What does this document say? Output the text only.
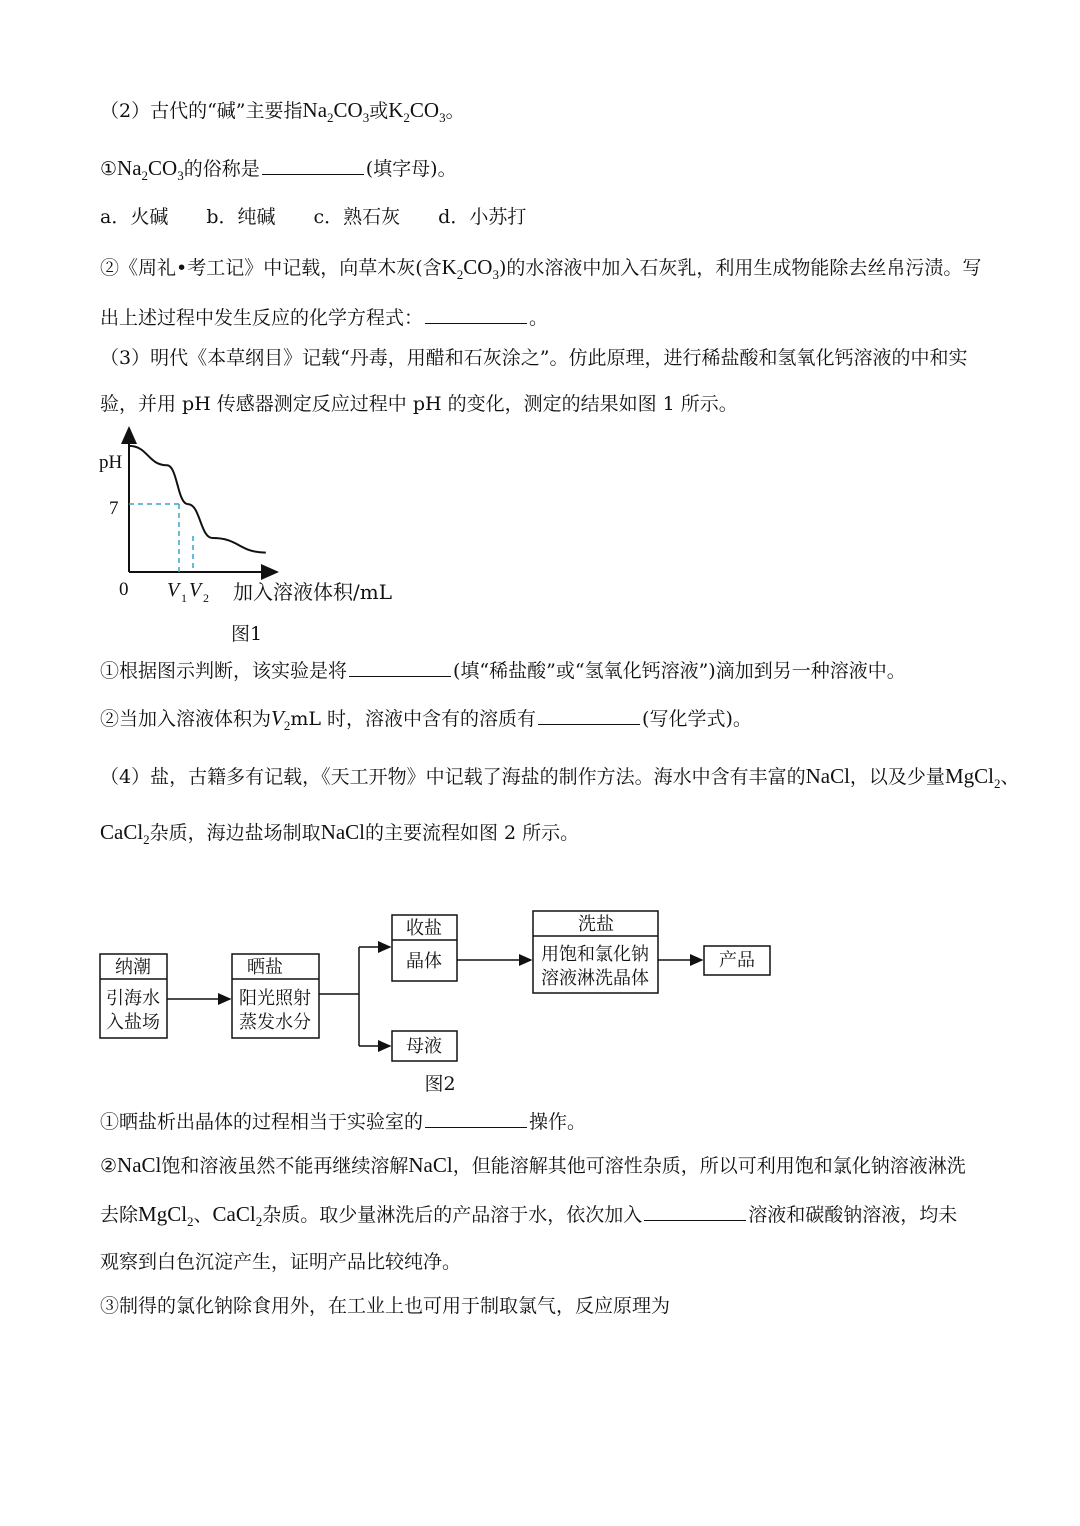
（2）古代的“碱”主要指$Na_2CO_3$或$K_2CO_3$。
$①Na_2CO_3$的俗称是	(填字母)。
a．火碱 b．纯碱 c．熟石灰 d．小苏打
②《周礼•考工记》中记载，向草木灰(含$K_2CO_3$)的水溶液中加入石灰乳，利用生成物能除去丝帛污渍。写
出上述过程中发生反应的化学方程式：	。
（3）明代《本草纲目》记载“丹毒，用醋和石灰涂之”。仿此原理，进行稀盐酸和氢氧化钙溶液的中和实
验，并用 pH 传感器测定反应过程中 pH 的变化，测定的结果如图 1 所示。
pH
7
0 V 1 V 2 加入溶液体积/mL
图1
①根据图示判断，该实验是将	(填“稀盐酸”或“氢氧化钙溶液”)滴加到另一种溶液中。
②当加入溶液体积为$V_2mL$ 时，溶液中含有的溶质有	(写化学式)。
（4）盐，古籍多有记载，《天工开物》中记载了海盐的制作方法。海水中含有丰富的NaCl，以及少量MgCl$_2$、
CaCl$_2$杂质，海边盐场制取NaCl的主要流程如图 2 所示。
纳潮
引海水
入盐场
晒盐
阳光照射
蒸发水分
收盐
晶体
母液
洗盐
用饱和氯化钠
溶液淋洗晶体
产品
图2
①晒盐析出晶体的过程相当于实验室的	操作。
②NaCl饱和溶液虽然不能再继续溶解NaCl，但能溶解其他可溶性杂质，所以可利用饱和氯化钠溶液淋洗
去除MgCl$_2$、CaCl$_2$杂质。取少量淋洗后的产品溶于水，依次加入	溶液和碳酸钠溶液，均未
观察到白色沉淀产生，证明产品比较纯净。
③制得的氯化钠除食用外，在工业上也可用于制取氯气，反应原理为
